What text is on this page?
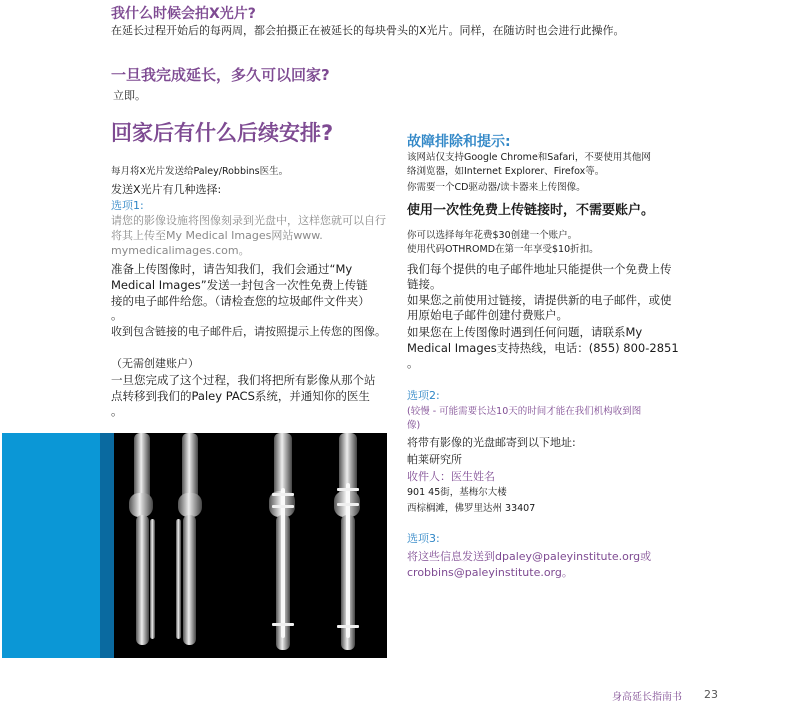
我什么时候会拍X光片?
在延长过程开始后的每两周，都会拍摄正在被延长的每块骨头的X光片。同样，在随访时也会进行此操作。
一旦我完成延长，多久可以回家?
立即。
回家后有什么后续安排?
每月将X光片发送给Paley/Robbins医生。
发送X光片有几种选择:
选项1:
请您的影像设施将图像刻录到光盘中，这样您就可以自行
将其上传至My Medical Images网站www.
mymedicalimages.com。
准备上传图像时，请告知我们，我们会通过“My
Medical Images”发送一封包含一次性免费上传链
接的电子邮件给您。（请检查您的垃圾邮件文件夹）
。
收到包含链接的电子邮件后，请按照提示上传您的图像。
（无需创建账户）
一旦您完成了这个过程，我们将把所有影像从那个站
点转移到我们的Paley PACS系统，并通知你的医生
。
故障排除和提示:
该网站仅支持Google Chrome和Safari，不要使用其他网
络浏览器，如Internet Explorer、Firefox等。
你需要一个CD驱动器/读卡器来上传图像。
使用一次性免费上传链接时，不需要账户。
你可以选择每年花费$30创建一个账户。
使用代码OTHROMD在第一年享受$10折扣。
我们每个提供的电子邮件地址只能提供一个免费上传
链接。
如果您之前使用过链接，请提供新的电子邮件，或使
用原始电子邮件创建付费账户。
如果您在上传图像时遇到任何问题，请联系My
Medical Images支持热线，电话：(855) 800-2851
。
选项2:
(较慢 - 可能需要长达10天的时间才能在我们机构收到图
像)
将带有影像的光盘邮寄到以下地址:
帕莱研究所
收件人：医生姓名
901 45街，基梅尔大楼
西棕榈滩，佛罗里达州 33407
选项3:
将这些信息发送到dpaley@paleyinstitute.org或
crobbins@paleyinstitute.org。
身高延长指南书 23
